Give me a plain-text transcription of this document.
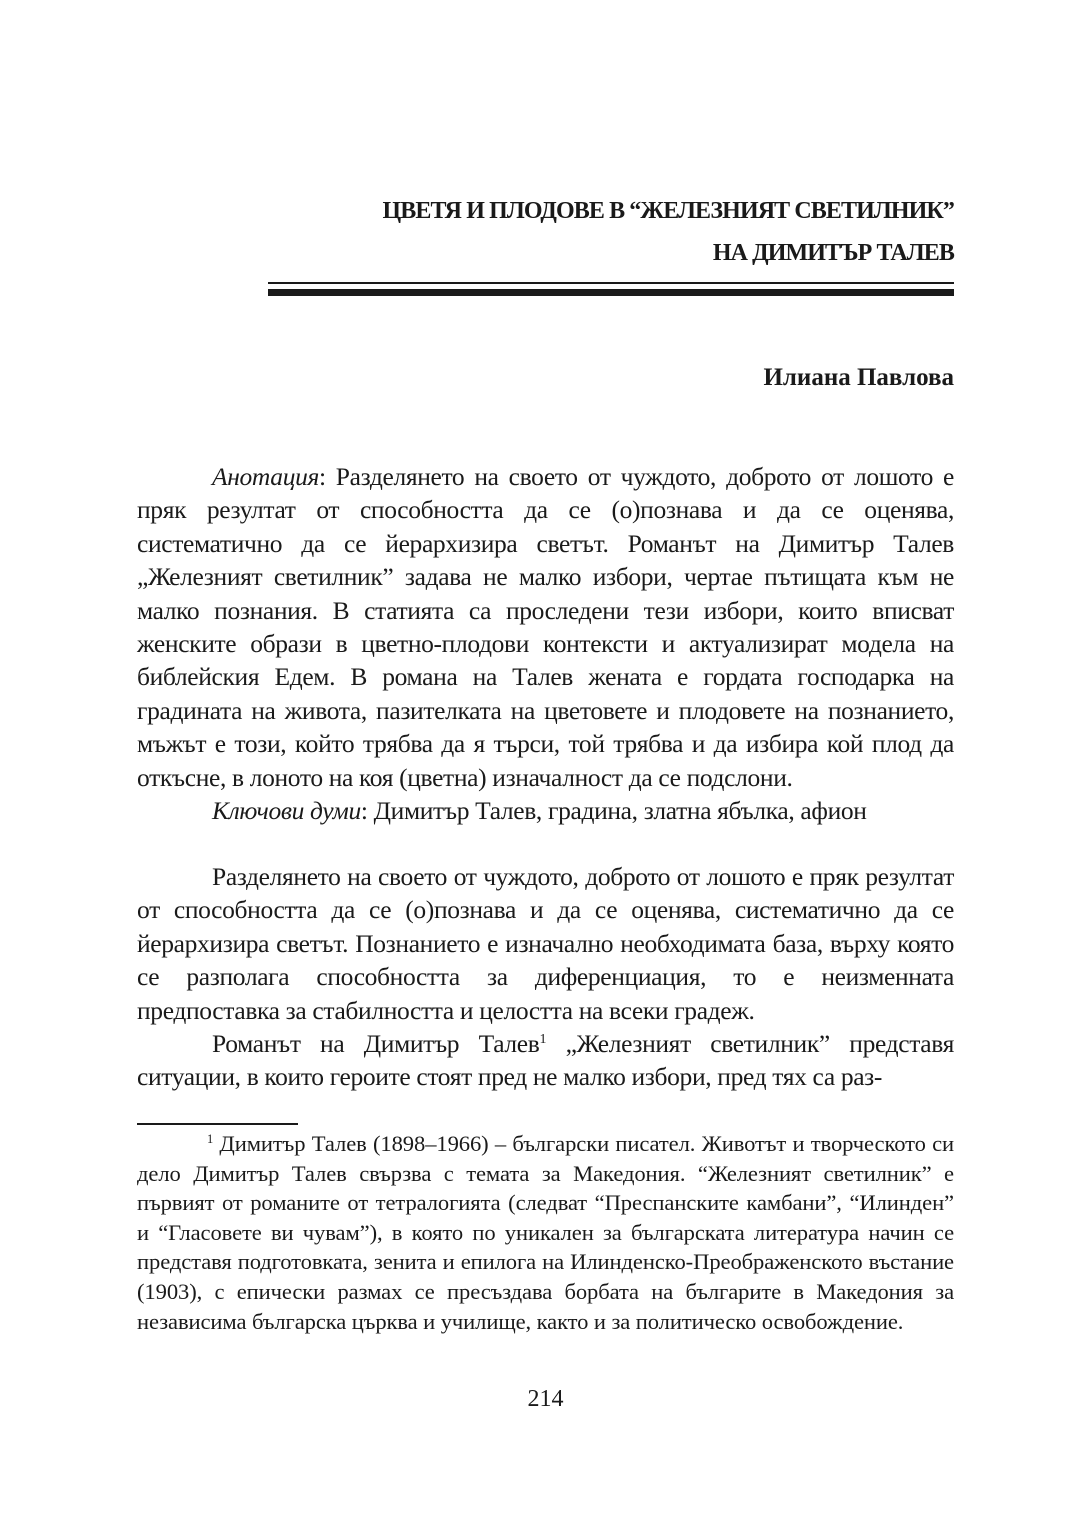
ЦВЕТЯ И ПЛОДОВЕ В “ЖЕЛЕЗНИЯТ СВЕТИЛНИК”
НА ДИМИТЪР ТАЛЕВ
Илиана Павлова

Анотация: Разделянето на своето от чуждото, доброто от лошото е пряк резултат от способността да се (о)познава и да се оценява, систематично да се йерархизира светът. Романът на Димитър Талев „Железният светилник” задава не малко избори, чертае пътищата към не малко познания. В статията са проследени тези избори, които вписват женските образи в цветно-плодови контексти и актуализират модела на библейския Едем. В романа на Талев жената е гордата господарка на градината на живота, пазителката на цветовете и плодовете на познанието, мъжът е този, който трябва да я търси, той трябва и да избира кой плод да откъсне, в лоното на коя (цветна) изначалност да се подслони.

Ключови думи: Димитър Талев, градина, златна ябълка, афион

Разделянето на своето от чуждото, доброто от лошото е пряк резултат от способността да се (о)познава и да се оценява, систематично да се йерархизира светът. Познанието е изначално необходимата база, върху която се разполага способността за диференциация, то е неизменната предпоставка за стабилността и целостта на всеки градеж.

Романът на Димитър Талев$^1$ „Железният светилник” представя ситуации, в които героите стоят пред не малко избори, пред тях са раз-

$^1$ Димитър Талев (1898–1966) – български писател. Животът и творческото си дело Димитър Талев свързва с темата за Македония. “Железният светилник” е първият от романите от тетралогията (следват “Преспанските камбани”, “Илинден” и “Гласовете ви чувам”), в която по уникален за българската литература начин се представя подготовката, зенита и епилога на Илинденско-Преображенското въстание (1903), с епически размах се пресъздава борбата на българите в Македония за независима българска църква и училище, както и за политическо освобождение.

214
